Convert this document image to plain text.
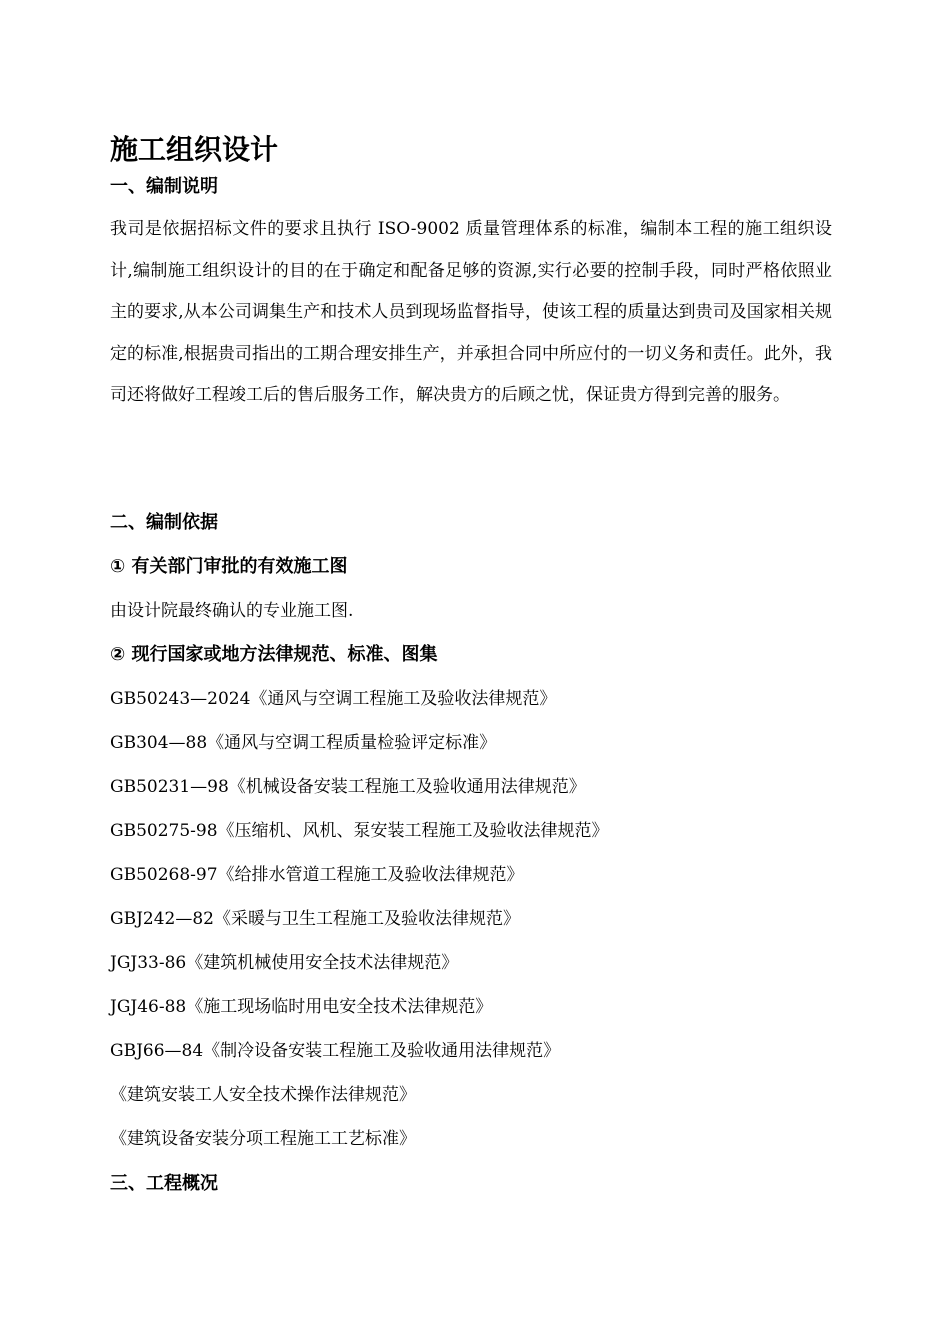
施工组织设计
一、编制说明

我司是依据招标文件的要求且执行 ISO-9002 质量管理体系的标准，编制本工程的施工组织设计,编制施工组织设计的目的在于确定和配备足够的资源,实行必要的控制手段，同时严格依照业主的要求,从本公司调集生产和技术人员到现场监督指导，使该工程的质量达到贵司及国家相关规定的标准,根据贵司指出的工期合理安排生产，并承担合同中所应付的一切义务和责任。此外，我司还将做好工程竣工后的售后服务工作，解决贵方的后顾之忧，保证贵方得到完善的服务。

二、编制依据
① 有关部门审批的有效施工图

由设计院最终确认的专业施工图.

② 现行国家或地方法律规范、标准、图集

GB50243—2024《通风与空调工程施工及验收法律规范》

GB304—88《通风与空调工程质量检验评定标准》

GB50231—98《机械设备安装工程施工及验收通用法律规范》

GB50275-98《压缩机、风机、泵安装工程施工及验收法律规范》

GB50268-97《给排水管道工程施工及验收法律规范》

GBJ242—82《采暖与卫生工程施工及验收法律规范》

JGJ33-86《建筑机械使用安全技术法律规范》

JGJ46-88《施工现场临时用电安全技术法律规范》

GBJ66—84《制冷设备安装工程施工及验收通用法律规范》

《建筑安装工人安全技术操作法律规范》

《建筑设备安装分项工程施工工艺标准》

三、工程概况
